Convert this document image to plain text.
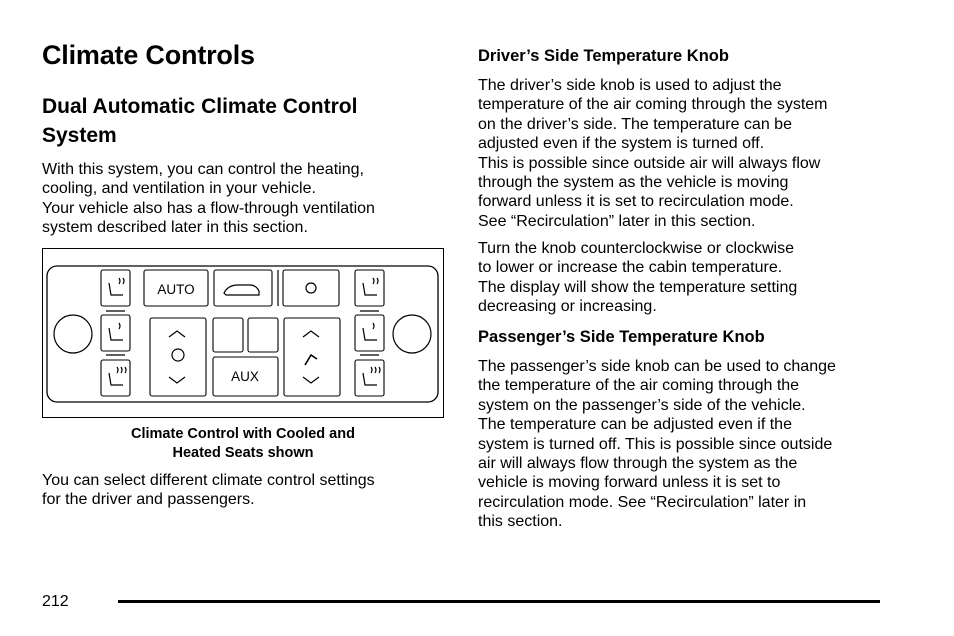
Climate Controls
Dual Automatic Climate Control
System

With this system, you can control the heating,
cooling, and ventilation in your vehicle.
Your vehicle also has a flow-through ventilation
system described later in this section.

AUTO
AUX
Climate Control with Cooled and
Heated Seats shown

You can select different climate control settings
for the driver and passengers.

Driver’s Side Temperature Knob

The driver’s side knob is used to adjust the
temperature of the air coming through the system
on the driver’s side. The temperature can be
adjusted even if the system is turned off.
This is possible since outside air will always flow
through the system as the vehicle is moving
forward unless it is set to recirculation mode.
See “Recirculation” later in this section.

Turn the knob counterclockwise or clockwise
to lower or increase the cabin temperature.
The display will show the temperature setting
decreasing or increasing.

Passenger’s Side Temperature Knob

The passenger’s side knob can be used to change
the temperature of the air coming through the
system on the passenger’s side of the vehicle.
The temperature can be adjusted even if the
system is turned off. This is possible since outside
air will always flow through the system as the
vehicle is moving forward unless it is set to
recirculation mode. See “Recirculation” later in
this section.

212
